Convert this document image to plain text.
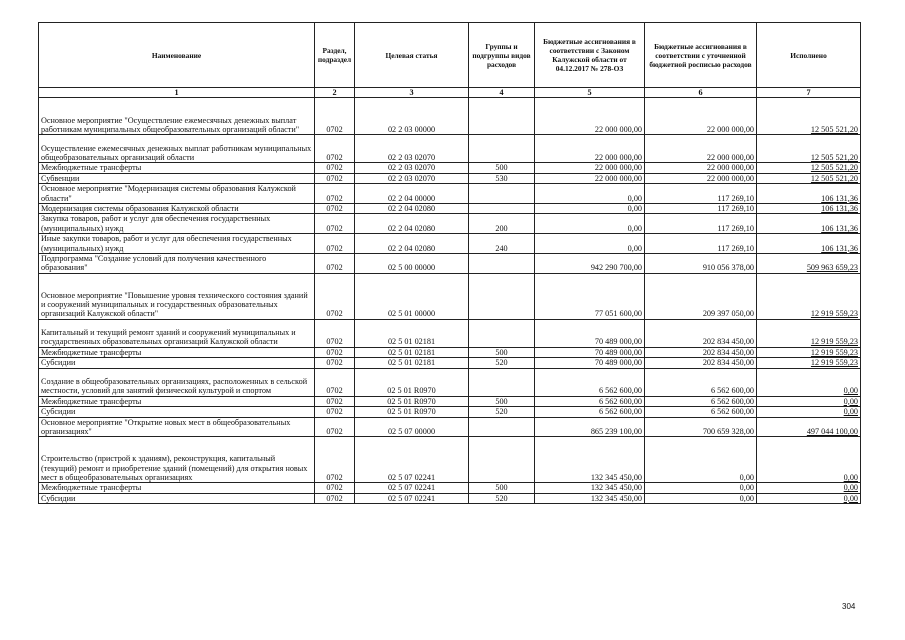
Наименование	Раздел, подраздел	Целевая статья	Группы и подгруппы видов расходов	Бюджетные ассигнования в соответствии с Законом Калужской области от 04.12.2017 № 278-ОЗ	Бюджетные ассигнования в соответствии с уточненной бюджетной росписью расходов	Исполнено
1	2	3	4	5	6	7
Основное мероприятие "Осуществление ежемесячных денежных выплат работникам муниципальных общеобразовательных организаций области"	0702	02 2 03 00000		22 000 000,00	22 000 000,00	12 505 521,20
Осуществление ежемесячных денежных выплат работникам муниципальных общеобразовательных организаций области	0702	02 2 03 02070		22 000 000,00	22 000 000,00	12 505 521,20
Межбюджетные трансферты	0702	02 2 03 02070	500	22 000 000,00	22 000 000,00	12 505 521,20
Субвенции	0702	02 2 03 02070	530	22 000 000,00	22 000 000,00	12 505 521,20
Основное мероприятие "Модернизация системы образования Калужской области"	0702	02 2 04 00000		0,00	117 269,10	106 131,36
Модернизация системы образования Калужской области	0702	02 2 04 02080		0,00	117 269,10	106 131,36
Закупка товаров, работ и услуг для обеспечения государственных (муниципальных) нужд	0702	02 2 04 02080	200	0,00	117 269,10	106 131,36
Иные закупки товаров, работ и услуг для обеспечения государственных (муниципальных) нужд	0702	02 2 04 02080	240	0,00	117 269,10	106 131,36
Подпрограмма "Создание условий для получения качественного образования"	0702	02 5 00 00000		942 290 700,00	910 056 378,00	509 963 659,23
Основное мероприятие "Повышение уровня технического состояния зданий и сооружений муниципальных и государственных образовательных организаций Калужской области"	0702	02 5 01 00000		77 051 600,00	209 397 050,00	12 919 559,23
Капитальный и текущий ремонт зданий и сооружений муниципальных и государственных образовательных организаций Калужской области	0702	02 5 01 02181		70 489 000,00	202 834 450,00	12 919 559,23
Межбюджетные трансферты	0702	02 5 01 02181	500	70 489 000,00	202 834 450,00	12 919 559,23
Субсидии	0702	02 5 01 02181	520	70 489 000,00	202 834 450,00	12 919 559,23
Создание в общеобразовательных организациях, расположенных в сельской местности, условий для занятий физической культурой и спортом	0702	02 5 01 R0970		6 562 600,00	6 562 600,00	0,00
Межбюджетные трансферты	0702	02 5 01 R0970	500	6 562 600,00	6 562 600,00	0,00
Субсидии	0702	02 5 01 R0970	520	6 562 600,00	6 562 600,00	0,00
Основное мероприятие "Открытие новых мест в общеобразовательных организациях"	0702	02 5 07 00000		865 239 100,00	700 659 328,00	497 044 100,00
Строительство (пристрой к зданиям), реконструкция, капитальный (текущий) ремонт и приобретение зданий (помещений) для открытия новых мест в общеобразовательных организациях	0702	02 5 07 02241		132 345 450,00	0,00	0,00
Межбюджетные трансферты	0702	02 5 07 02241	500	132 345 450,00	0,00	0,00
Субсидии	0702	02 5 07 02241	520	132 345 450,00	0,00	0,00
304
